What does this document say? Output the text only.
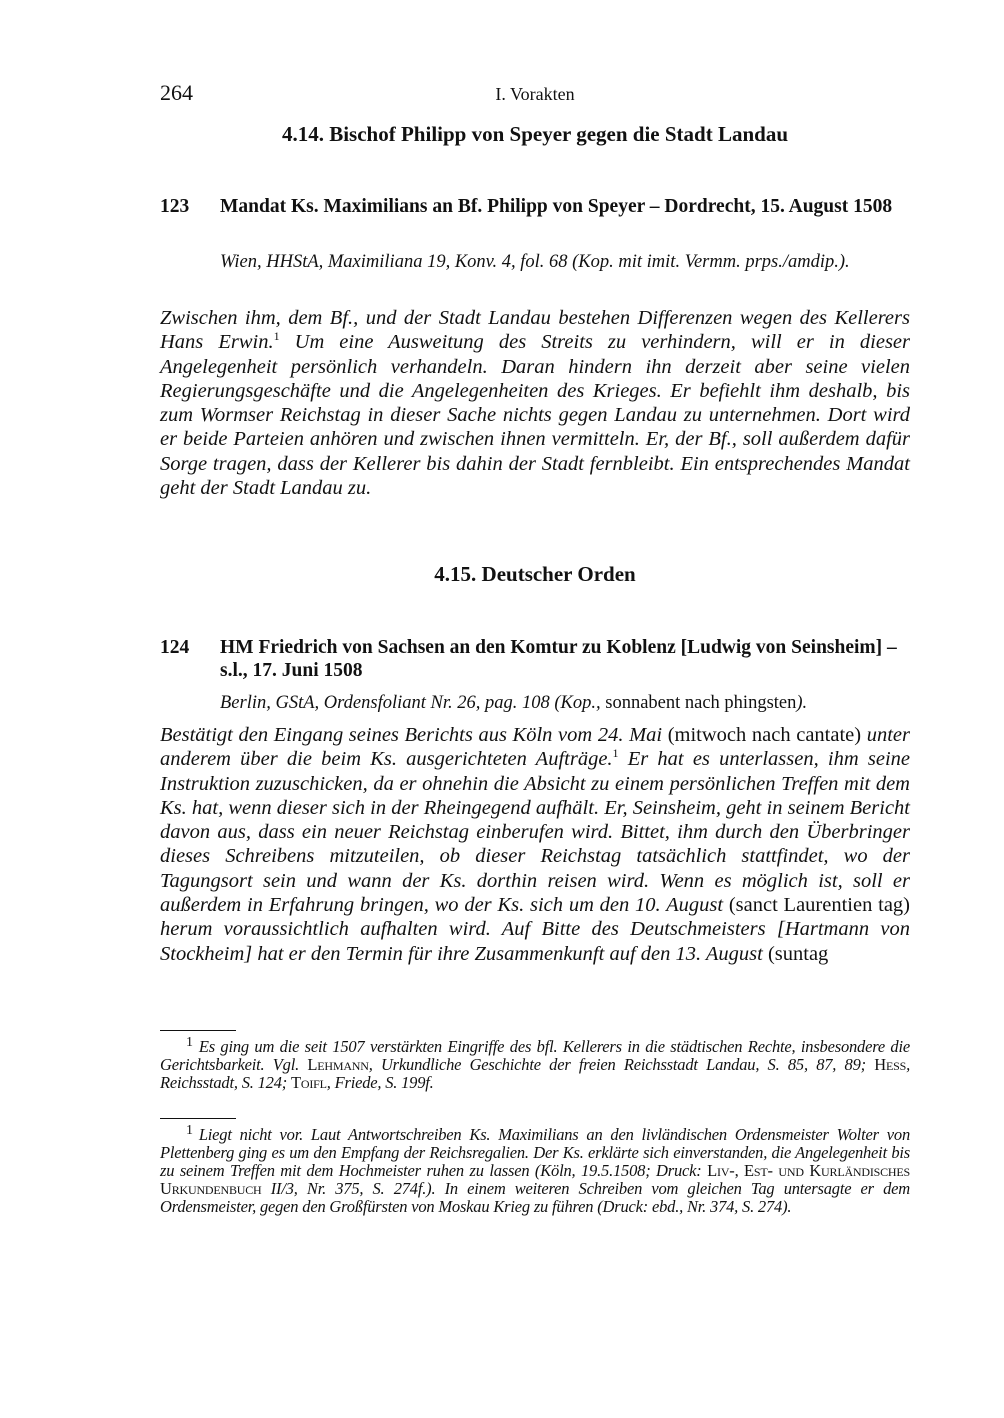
264	I. Vorakten
4.14. Bischof Philipp von Speyer gegen die Stadt Landau
123 Mandat Ks. Maximilians an Bf. Philipp von Speyer – Dordrecht, 15. August 1508
Wien, HHStA, Maximiliana 19, Konv. 4, fol. 68 (Kop. mit imit. Vermm. prps./amdip.).
Zwischen ihm, dem Bf., und der Stadt Landau bestehen Differenzen wegen des Kellerers Hans Erwin.$^1$ Um eine Ausweitung des Streits zu verhindern, will er in dieser Angelegenheit persönlich verhandeln. Daran hindern ihn derzeit aber seine vielen Regierungsgeschäfte und die Angelegenheiten des Krieges. Er befiehlt ihm deshalb, bis zum Wormser Reichstag in dieser Sache nichts gegen Landau zu unternehmen. Dort wird er beide Parteien anhören und zwischen ihnen vermitteln. Er, der Bf., soll außerdem dafür Sorge tragen, dass der Kellerer bis dahin der Stadt fernbleibt. Ein entsprechendes Mandat geht der Stadt Landau zu.
4.15. Deutscher Orden
124 HM Friedrich von Sachsen an den Komtur zu Koblenz [Ludwig von Seinsheim] – s.l., 17. Juni 1508
Berlin, GStA, Ordensfoliant Nr. 26, pag. 108 (Kop., sonnabent nach phingsten).
Bestätigt den Eingang seines Berichts aus Köln vom 24. Mai (mitwoch nach cantate) unter anderem über die beim Ks. ausgerichteten Aufträge.$^1$ Er hat es unterlassen, ihm seine Instruktion zuzuschicken, da er ohnehin die Absicht zu einem persönlichen Treffen mit dem Ks. hat, wenn dieser sich in der Rheingegend aufhält. Er, Seinsheim, geht in seinem Bericht davon aus, dass ein neuer Reichstag einberufen wird. Bittet, ihm durch den Überbringer dieses Schreibens mitzuteilen, ob dieser Reichstag tatsächlich stattfindet, wo der Tagungsort sein und wann der Ks. dorthin reisen wird. Wenn es möglich ist, soll er außerdem in Erfahrung bringen, wo der Ks. sich um den 10. August (sanct Laurentien tag) herum voraussichtlich aufhalten wird. Auf Bitte des Deutschmeisters [Hartmann von Stockheim] hat er den Termin für ihre Zusammenkunft auf den 13. August (suntag
$^1$ Es ging um die seit 1507 verstärkten Eingriffe des bfl. Kellerers in die städtischen Rechte, insbesondere die Gerichtsbarkeit. Vgl. Lehmann, Urkundliche Geschichte der freien Reichsstadt Landau, S. 85, 87, 89; Hess, Reichsstadt, S. 124; Toifl, Friede, S. 199f.
$^1$ Liegt nicht vor. Laut Antwortschreiben Ks. Maximilians an den livländischen Ordensmeister Wolter von Plettenberg ging es um den Empfang der Reichsregalien. Der Ks. erklärte sich einverstanden, die Angelegenheit bis zu seinem Treffen mit dem Hochmeister ruhen zu lassen (Köln, 19.5.1508; Druck: Liv-, Est- und Kurländisches Urkundenbuch II/3, Nr. 375, S. 274f.). In einem weiteren Schreiben vom gleichen Tag untersagte er dem Ordensmeister, gegen den Großfürsten von Moskau Krieg zu führen (Druck: ebd., Nr. 374, S. 274).
